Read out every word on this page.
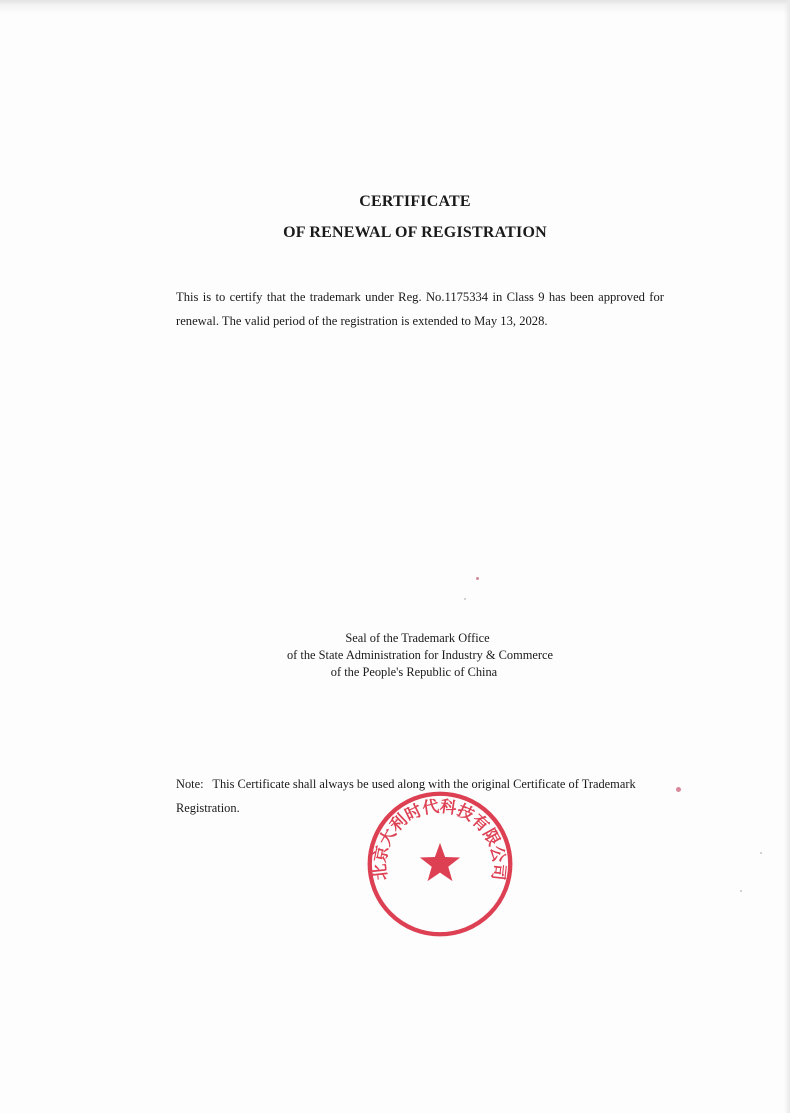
CERTIFICATE
OF RENEWAL OF REGISTRATION
This is to certify that the trademark under Reg. No.1175334 in Class 9 has been approved for renewal. The valid period of the registration is extended to May 13, 2028.
Seal of the Trademark Office
of the State Administration for Industry & Commerce
of the People's Republic of China
Note: This Certificate shall always be used along with the original Certificate of Trademark Registration.
北京大利时代科技有限公司
